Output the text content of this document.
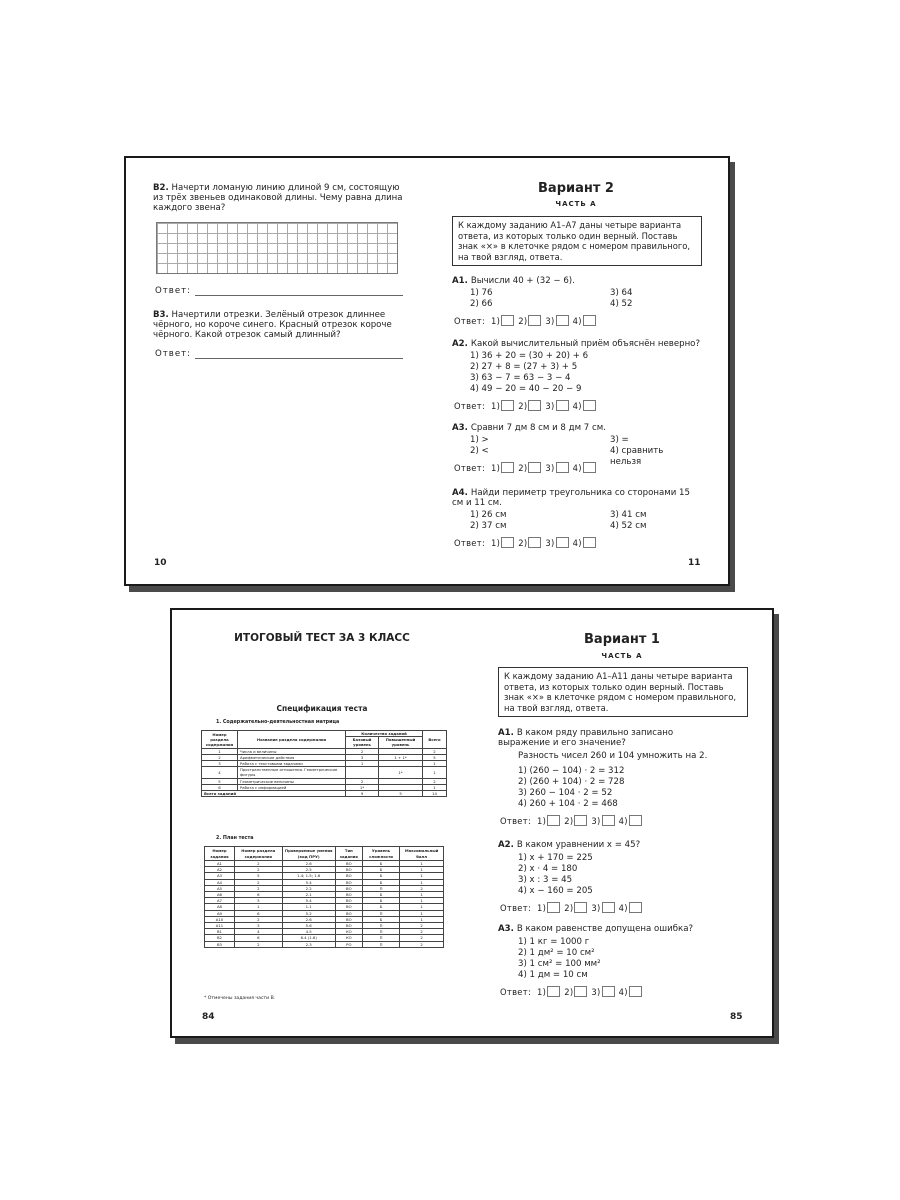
В2. Начерти ломаную линию длиной 9 см, состоящую из трёх звеньев одинаковой длины. Чему равна длина каждого звена?
Ответ:
В3. Начертили отрезки. Зелёный отрезок длиннее чёрного, но короче синего. Красный отрезок короче чёрного. Какой отрезок самый длинный?
Ответ:
10
Вариант 2
ЧАСТЬ А
К каждому заданию А1–А7 даны четыре варианта ответа, из которых только один верный. Поставь знак «×» в клеточке рядом с номером правильного, на твой взгляд, ответа.
А1. Вычисли 40 + (32 − 6).
1) 76	3) 64
2) 66	4) 52
Ответ: 1) 2) 3) 4)
А2. Какой вычислительный приём объяснён неверно?
1) 36 + 20 = (30 + 20) + 6
2) 27 + 8 = (27 + 3) + 5
3) 63 − 7 = 63 − 3 − 4
4) 49 − 20 = 40 − 20 − 9
Ответ: 1) 2) 3) 4)
А3. Сравни 7 дм 8 см и 8 дм 7 см.
1) >	3) =
2) <	4) сравнить нельзя
Ответ: 1) 2) 3) 4)
А4. Найди периметр треугольника со сторонами 15 см и 11 см.
1) 26 см	3) 41 см
2) 37 см	4) 52 см
Ответ: 1) 2) 3) 4)
11
ИТОГОВЫЙ ТЕСТ ЗА 3 КЛАСС
Спецификация теста
1. Содержательно-деятельностная матрица
Номер раздела содержания	Название раздела содержания	Количество заданий		Всего
		Базовый уровень	Повышенный уровень	
1	Числа и величины	2		2
2	Арифметические действия	3	1 + 1*	5
3	Работа с текстовыми задачами	1		1
4	Пространственные отношения. Геометрические фигуры		1*	1
5	Геометрические величины	2		2
6	Работа с информацией	1*		1
Всего заданий		9	5	14
2. План теста
Номер задания	Номер раздела содержания	Проверяемые умения (код ПРУ)	Тип задания	Уровень сложности	Максимальный балл
А1	2	2.6	ВО	Б	1
А2	2	2.5	ВО	Б	1
А3	5	1.4; 1.5; 1.6	ВО	Б	1
А4	2	5.4	ВО	Б	1
А5	2	2.2	ВО	П	2
А6	6	2.1	ВО	Б	1
А7	3	5.4	ВО	Б	1
А8	1	1.1	ВО	Б	1
А9	6	5.2	ВО	П	1
А10	2	2.6	ВО	Б	1
А11	3	5.6	ВО	П	2
В1	4	4.5	КО	П	2
В2	6	6.4 (1.6)	КО	П	2
В3	2	2.3	РО	П	2
* Отмечены задания части В.
84
Вариант 1
ЧАСТЬ А
К каждому заданию А1–А11 даны четыре варианта ответа, из которых только один верный. Поставь знак «×» в клеточке рядом с номером правильного, на твой взгляд, ответа.
А1. В каком ряду правильно записано выражение и его значение?
Разность чисел 260 и 104 умножить на 2.
1) (260 − 104) · 2 = 312
2) (260 + 104) · 2 = 728
3) 260 − 104 · 2 = 52
4) 260 + 104 · 2 = 468
Ответ: 1) 2) 3) 4)
А2. В каком уравнении х = 45?
1) х + 170 = 225
2) х · 4 = 180
3) х : 3 = 45
4) х − 160 = 205
Ответ: 1) 2) 3) 4)
А3. В каком равенстве допущена ошибка?
1) 1 кг = 1000 г
2) 1 дм² = 10 см²
3) 1 см² = 100 мм²
4) 1 дм = 10 см
Ответ: 1) 2) 3) 4)
85
